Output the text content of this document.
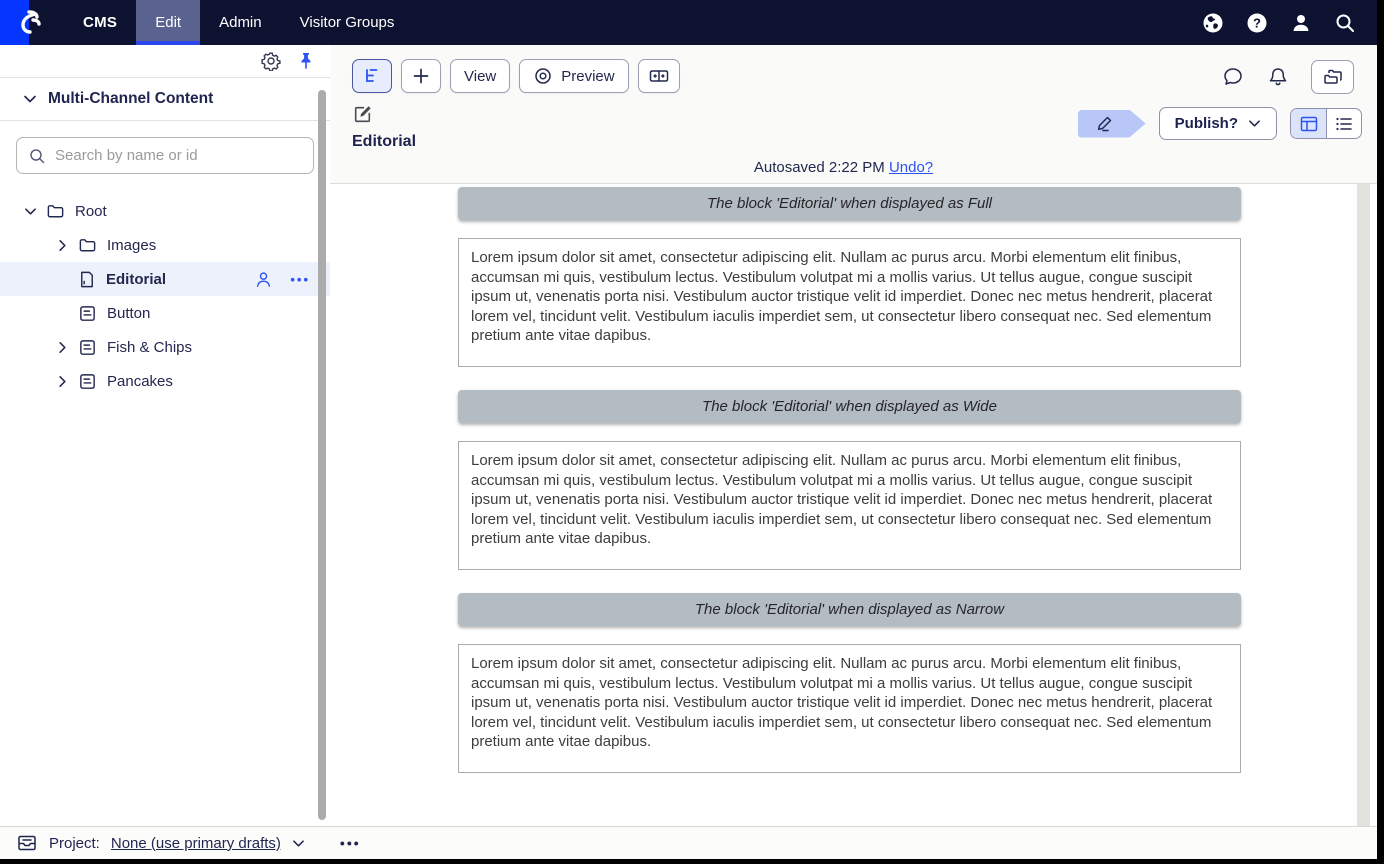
CMS	Edit	Admin	Visitor Groups	?
Multi-Channel Content
Search by name or id
Root
Images
Editorial	•••
Button
Fish & Chips
Pancakes
View	Preview
Editorial
Publish?
Autosaved 2:22 PM Undo?
The block 'Editorial' when displayed as Full
Lorem ipsum dolor sit amet, consectetur adipiscing elit. Nullam ac purus arcu. Morbi elementum elit finibus, accumsan mi quis, vestibulum lectus. Vestibulum volutpat mi a mollis varius. Ut tellus augue, congue suscipit ipsum ut, venenatis porta nisi. Vestibulum auctor tristique velit id imperdiet. Donec nec metus hendrerit, placerat lorem vel, tincidunt velit. Vestibulum iaculis imperdiet sem, ut consectetur libero consequat nec. Sed elementum pretium ante vitae dapibus.
The block 'Editorial' when displayed as Wide
Lorem ipsum dolor sit amet, consectetur adipiscing elit. Nullam ac purus arcu. Morbi elementum elit finibus, accumsan mi quis, vestibulum lectus. Vestibulum volutpat mi a mollis varius. Ut tellus augue, congue suscipit ipsum ut, venenatis porta nisi. Vestibulum auctor tristique velit id imperdiet. Donec nec metus hendrerit, placerat lorem vel, tincidunt velit. Vestibulum iaculis imperdiet sem, ut consectetur libero consequat nec. Sed elementum pretium ante vitae dapibus.
The block 'Editorial' when displayed as Narrow
Lorem ipsum dolor sit amet, consectetur adipiscing elit. Nullam ac purus arcu. Morbi elementum elit finibus, accumsan mi quis, vestibulum lectus. Vestibulum volutpat mi a mollis varius. Ut tellus augue, congue suscipit ipsum ut, venenatis porta nisi. Vestibulum auctor tristique velit id imperdiet. Donec nec metus hendrerit, placerat lorem vel, tincidunt velit. Vestibulum iaculis imperdiet sem, ut consectetur libero consequat nec. Sed elementum pretium ante vitae dapibus.
Project: None (use primary drafts)	•••
